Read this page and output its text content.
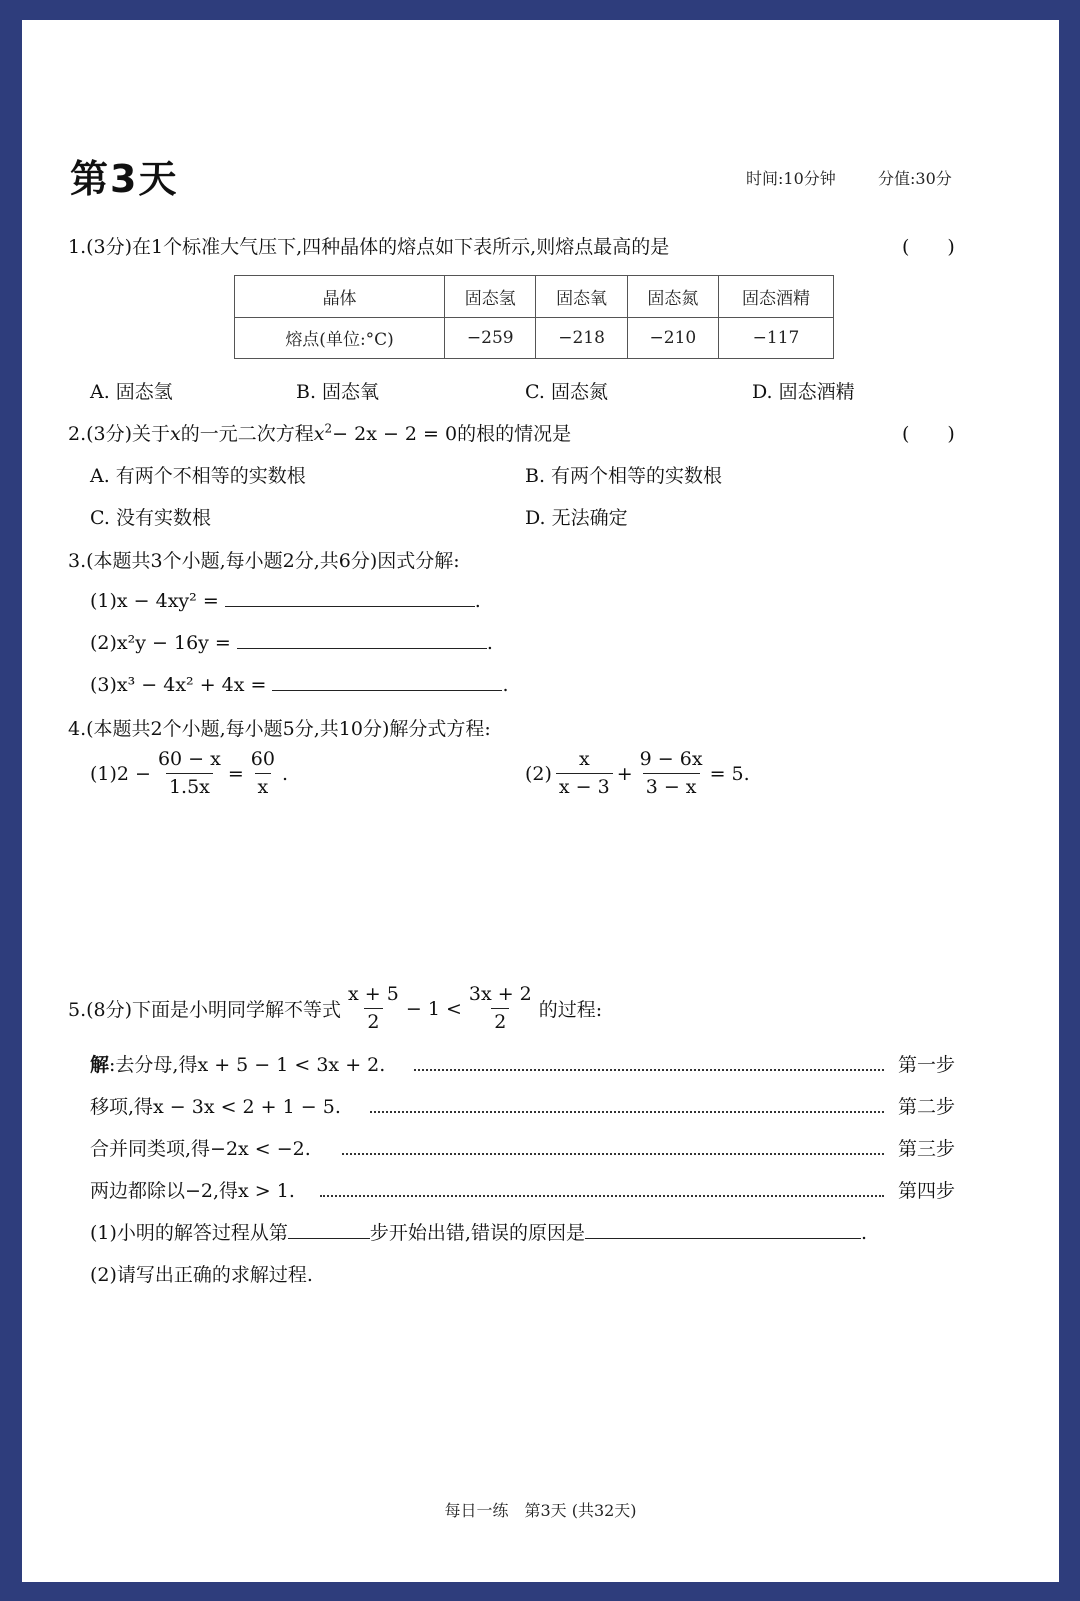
第3天	时间:10分钟	分值:30分
1.(3分)在1个标准大气压下,四种晶体的熔点如下表所示,则熔点最高的是	(　　)
晶体	固态氢	固态氧	固态氮	固态酒精
熔点(单位:°C)	−259	−218	−210	−117
A. 固态氢	B. 固态氧	C. 固态氮	D. 固态酒精
2.(3分)关于x的一元二次方程$x^2- 2x - 2 = 0$的根的情况是	(　　)
A. 有两个不相等的实数根	B. 有两个相等的实数根
C. 没有实数根	D. 无法确定
3.(本题共3个小题,每小题2分,共6分)因式分解:
(1)x − 4xy² =	.
(2)x²y − 16y =	.
(3)x³ − 4x² + 4x =	.
4.(本题共2个小题,每小题5分,共10分)解分式方程:
$(1)2 - \frac{60 - x}{1.5x} = \frac{60}{x}$ .	$(2) \frac{x}{x - 3} + \frac{9 - 6x}{3 - x} = 5$.
5.(8分)下面是小明同学解不等式 $\frac{x + 5}{2} - 1 < \frac{3x + 2}{2}$ 的过程:
解:去分母,得x + 5 − 1 < 3x + 2.	第一步
移项,得x − 3x < 2 + 1 − 5.	第二步
合并同类项,得−2x < −2.	第三步
两边都除以−2,得x > 1.	第四步
(1)小明的解答过程从第	步开始出错,错误的原因是	.
(2)请写出正确的求解过程.
每日一练　第3天 (共32天)
